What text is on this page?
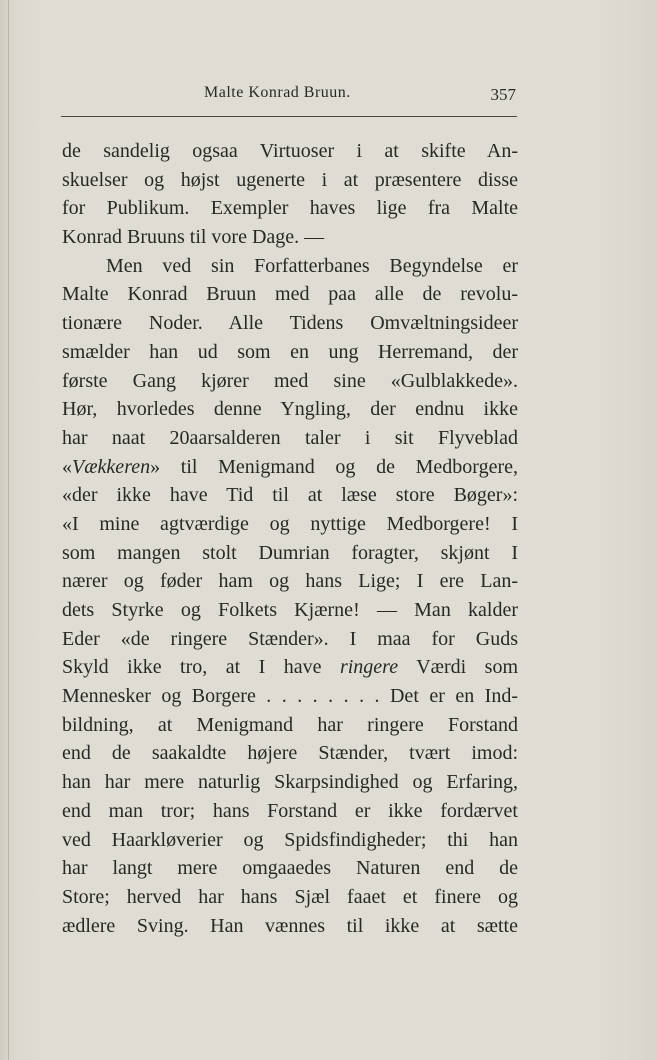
Malte Konrad Bruun.	357
de sandelig ogsaa Virtuoser i at skifte An-
skuelser og højst ugenerte i at præsentere disse
for Publikum. Exempler haves lige fra Malte
Konrad Bruuns til vore Dage. —
Men ved sin Forfatterbanes Begyndelse er
Malte Konrad Bruun med paa alle de revolu-
tionære Noder. Alle Tidens Omvæltningsideer
smælder han ud som en ung Herremand, der
første Gang kjører med sine «Gulblakkede».
Hør, hvorledes denne Yngling, der endnu ikke
har naat 20aarsalderen taler i sit Flyveblad
«Vækkeren» til Menigmand og de Medborgere,
«der ikke have Tid til at læse store Bøger»:
«I mine agtværdige og nyttige Medborgere! I
som mangen stolt Dumrian foragter, skjønt I
nærer og føder ham og hans Lige; I ere Lan-
dets Styrke og Folkets Kjærne! — Man kalder
Eder «de ringere Stænder». I maa for Guds
Skyld ikke tro, at I have ringere Værdi som
Mennesker og Borgere . . . . . . . . Det er en Ind-
bildning, at Menigmand har ringere Forstand
end de saakaldte højere Stænder, tvært imod:
han har mere naturlig Skarpsindighed og Erfaring,
end man tror; hans Forstand er ikke fordærvet
ved Haarkløverier og Spidsfindigheder; thi han
har langt mere omgaaedes Naturen end de
Store; herved har hans Sjæl faaet et finere og
ædlere Sving. Han vænnes til ikke at sætte
